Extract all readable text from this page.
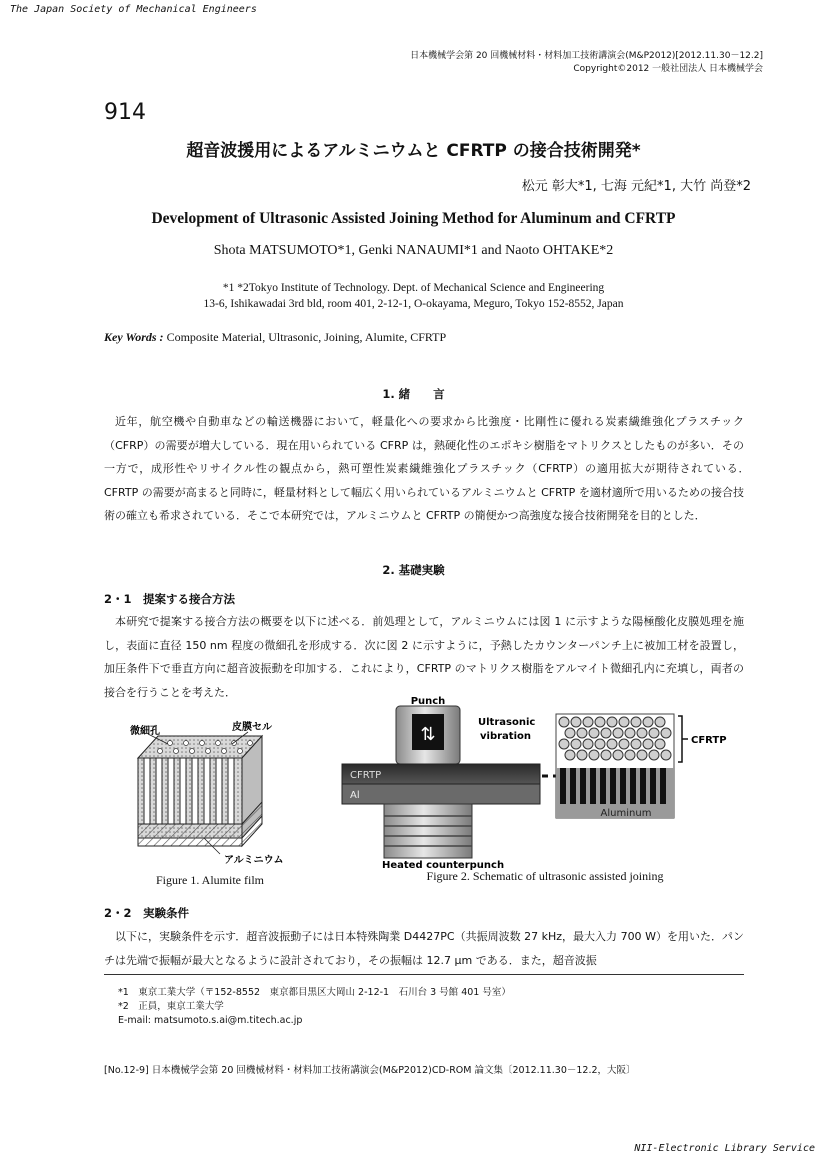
The Japan Society of Mechanical Engineers
日本機械学会第 20 回機械材料・材料加工技術講演会(M&P2012)[2012.11.30－12.2]
Copyright©2012 一般社団法人 日本機械学会
914
超音波援用によるアルミニウムと CFRTP の接合技術開発*
松元 彰大*1, 七海 元紀*1, 大竹 尚登*2
Development of Ultrasonic Assisted Joining Method for Aluminum and CFRTP
Shota MATSUMOTO*1, Genki NANAUMI*1 and Naoto OHTAKE*2
*1 *2Tokyo Institute of Technology. Dept. of Mechanical Science and Engineering
13-6, Ishikawadai 3rd bld, room 401, 2-12-1, O-okayama, Meguro, Tokyo 152-8552, Japan
Key Words : Composite Material, Ultrasonic, Joining, Alumite, CFRTP
1. 緒　　言

近年，航空機や自動車などの輸送機器において，軽量化への要求から比強度・比剛性に優れる炭素繊維強化プラスチック（CFRP）の需要が増大している．現在用いられている CFRP は，熱硬化性のエポキシ樹脂をマトリクスとしたものが多い．その一方で，成形性やリサイクル性の観点から，熱可塑性炭素繊維強化プラスチック（CFRTP）の適用拡大が期待されている．　CFRTP の需要が高まると同時に，軽量材料として幅広く用いられているアルミニウムと CFRTP を適材適所で用いるための接合技術の確立も希求されている．そこで本研究では，アルミニウムと CFRTP の簡便かつ高強度な接合技術開発を目的とした．

2. 基礎実験
2・1　提案する接合方法

本研究で提案する接合方法の概要を以下に述べる．前処理として，アルミニウムには図 1 に示すような陽極酸化皮膜処理を施し，表面に直径 150 nm 程度の微細孔を形成する．次に図 2 に示すように，予熱したカウンターパンチ上に被加工材を設置し，加圧条件下で垂直方向に超音波振動を印加する．これにより，CFRTP のマトリクス樹脂をアルマイト微細孔内に充填し，両者の接合を行うことを考えた．

微細孔	皮膜セル
アルミニウム
Figure 1. Alumite film
⇅
Punch
Ultrasonic
vibration
CFRTP
Al
Heated counterpunch
Aluminum
CFRTP
Figure 2. Schematic of ultrasonic assisted joining
2・2　実験条件

以下に，実験条件を示す．超音波振動子には日本特殊陶業 D4427PC（共振周波数 27 kHz，最大入力 700 W）を用いた．パンチは先端で振幅が最大となるように設計されており，その振幅は 12.7 μm である．また，超音波振

*1　東京工業大学（〒152-8552　東京都目黒区大岡山 2-12-1　石川台 3 号館 401 号室）
*2　正員，東京工業大学
E-mail: matsumoto.s.ai@m.titech.ac.jp
[No.12-9] 日本機械学会第 20 回機械材料・材料加工技術講演会(M&P2012)CD-ROM 論文集〔2012.11.30－12.2，大阪〕
NII-Electronic Library Service
